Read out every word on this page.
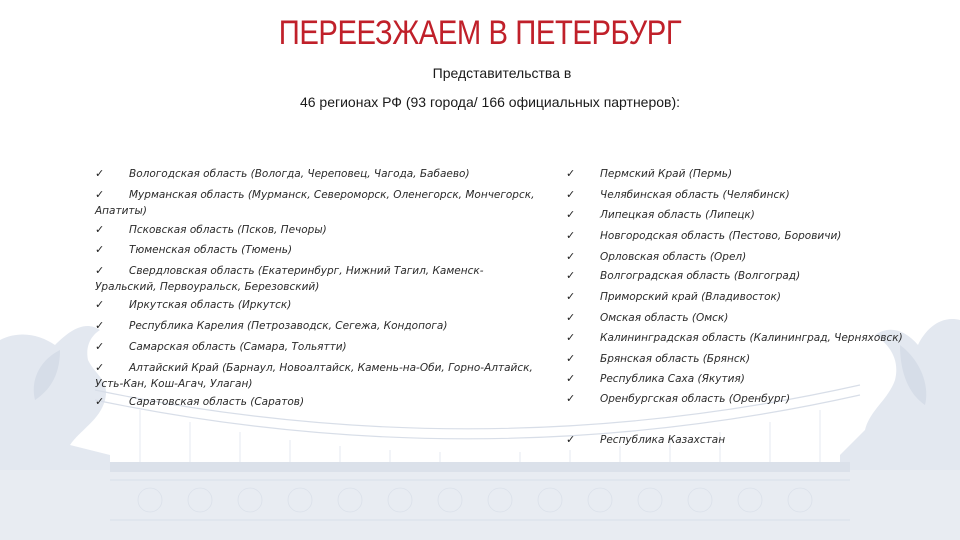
ПЕРЕЕЗЖАЕМ В ПЕТЕРБУРГ
Представительства в
46 регионах РФ (93 города/ 166 официальных партнеров):
✓	Вологодская область (Вологда, Череповец, Чагода, Бабаево)
✓	Мурманская область (Мурманск, Североморск, Оленегорск, Мончегорск, Апатиты)
✓	Псковская область (Псков, Печоры)
✓	Тюменская область (Тюмень)
✓	Свердловская область (Екатеринбург, Нижний Тагил, Каменск-Уральский, Первоуральск, Березовский)
✓	Иркутская область (Иркутск)
✓	Республика Карелия (Петрозаводск, Сегежа, Кондопога)
✓	Самарская область (Самара, Тольятти)
✓	Алтайский Край (Барнаул, Новоалтайск, Камень-на-Оби, Горно-Алтайск, Усть-Кан, Кош-Агач, Улаган)
✓	Саратовская область (Саратов)
✓	Пермский Край (Пермь)
✓	Челябинская область (Челябинск)
✓	Липецкая область (Липецк)
✓	Новгородская область (Пестово, Боровичи)
✓	Орловская область (Орел)
✓	Волгоградская область (Волгоград)
✓	Приморский край (Владивосток)
✓	Омская область (Омск)
✓	Калининградская область (Калининград, Черняховск)
✓	Брянская область (Брянск)
✓	Республика Саха (Якутия)
✓	Оренбургская область (Оренбург)
✓	Республика Казахстан
